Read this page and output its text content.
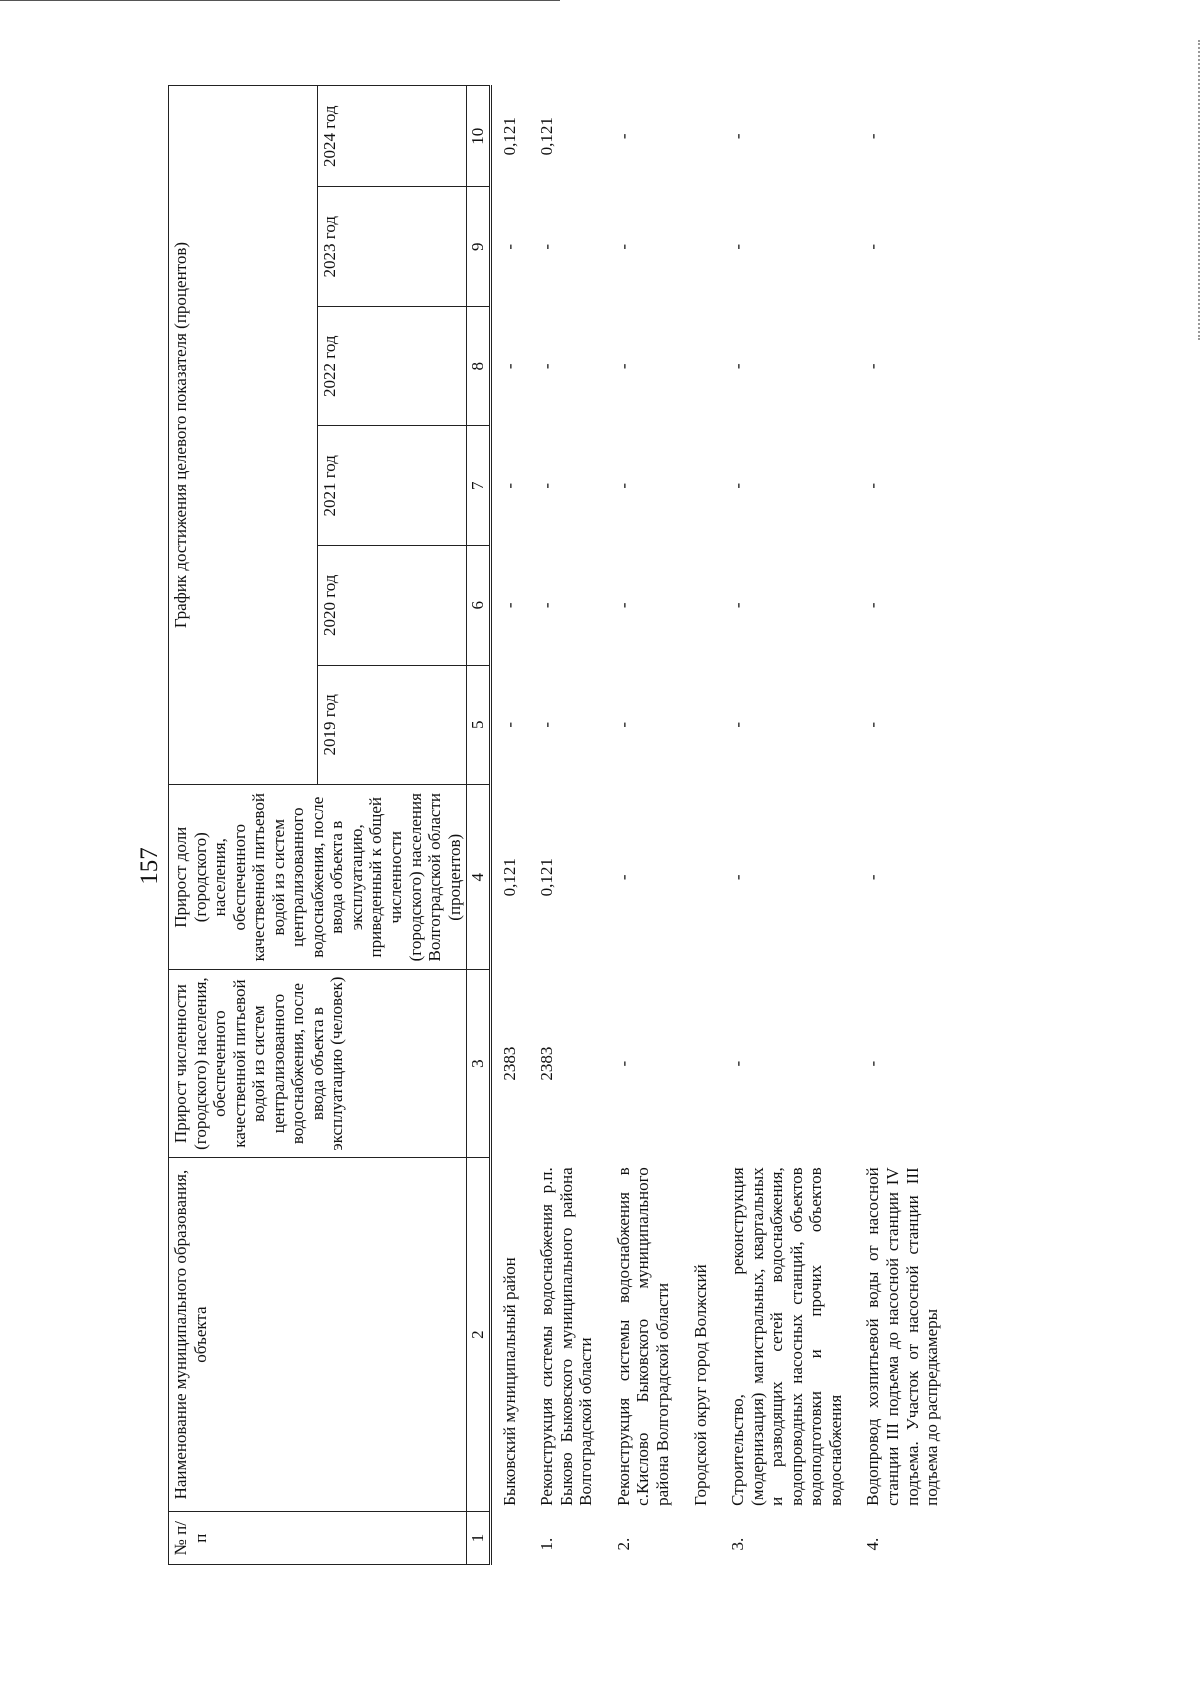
157
№ п/п	Наименование муниципального образования, объекта	Прирост численности (городского) населения, обеспеченного качественной питьевой водой из систем централизованного водоснабжения, после ввода объекта в эксплуатацию (человек)	Прирост доли (городского) населения, обеспеченного качественной питьевой водой из систем централизованного водоснабжения, после ввода объекта в эксплуатацию, приведенный к общей численности (городского) населения Волгоградской области (процентов)	График достижения целевого показателя (процентов)					
				2019 год	2020 год	2021 год	2022 год	2023 год	2024 год
1	2	3	4	5	6	7	8	9	10
	Быковский муниципальный район	2383	0,121	-	-	-	-	-	0,121
1.	Реконструкция системы водоснабжения р.п. Быково Быковского муниципального района Волгоградской области	2383	0,121	-	-	-	-	-	0,121
2.	Реконструкция системы водоснабжения в с.Кислово Быковского муниципального района Волгоградской области	-	-	-	-	-	-	-	-
	Городской округ город Волжский								
3.	Строительство, реконструкция (модернизация) магистральных, квартальных и разводящих сетей водоснабжения, водопроводных насосных станций, объектов водоподготовки и прочих объектов водоснабжения	-	-	-	-	-	-	-	-
4.	Водопровод хозпитьевой воды от насосной станции III подъема до насосной станции IV подъема. Участок от насосной станции III подъема до распредкамеры	-	-	-	-	-	-	-	-
